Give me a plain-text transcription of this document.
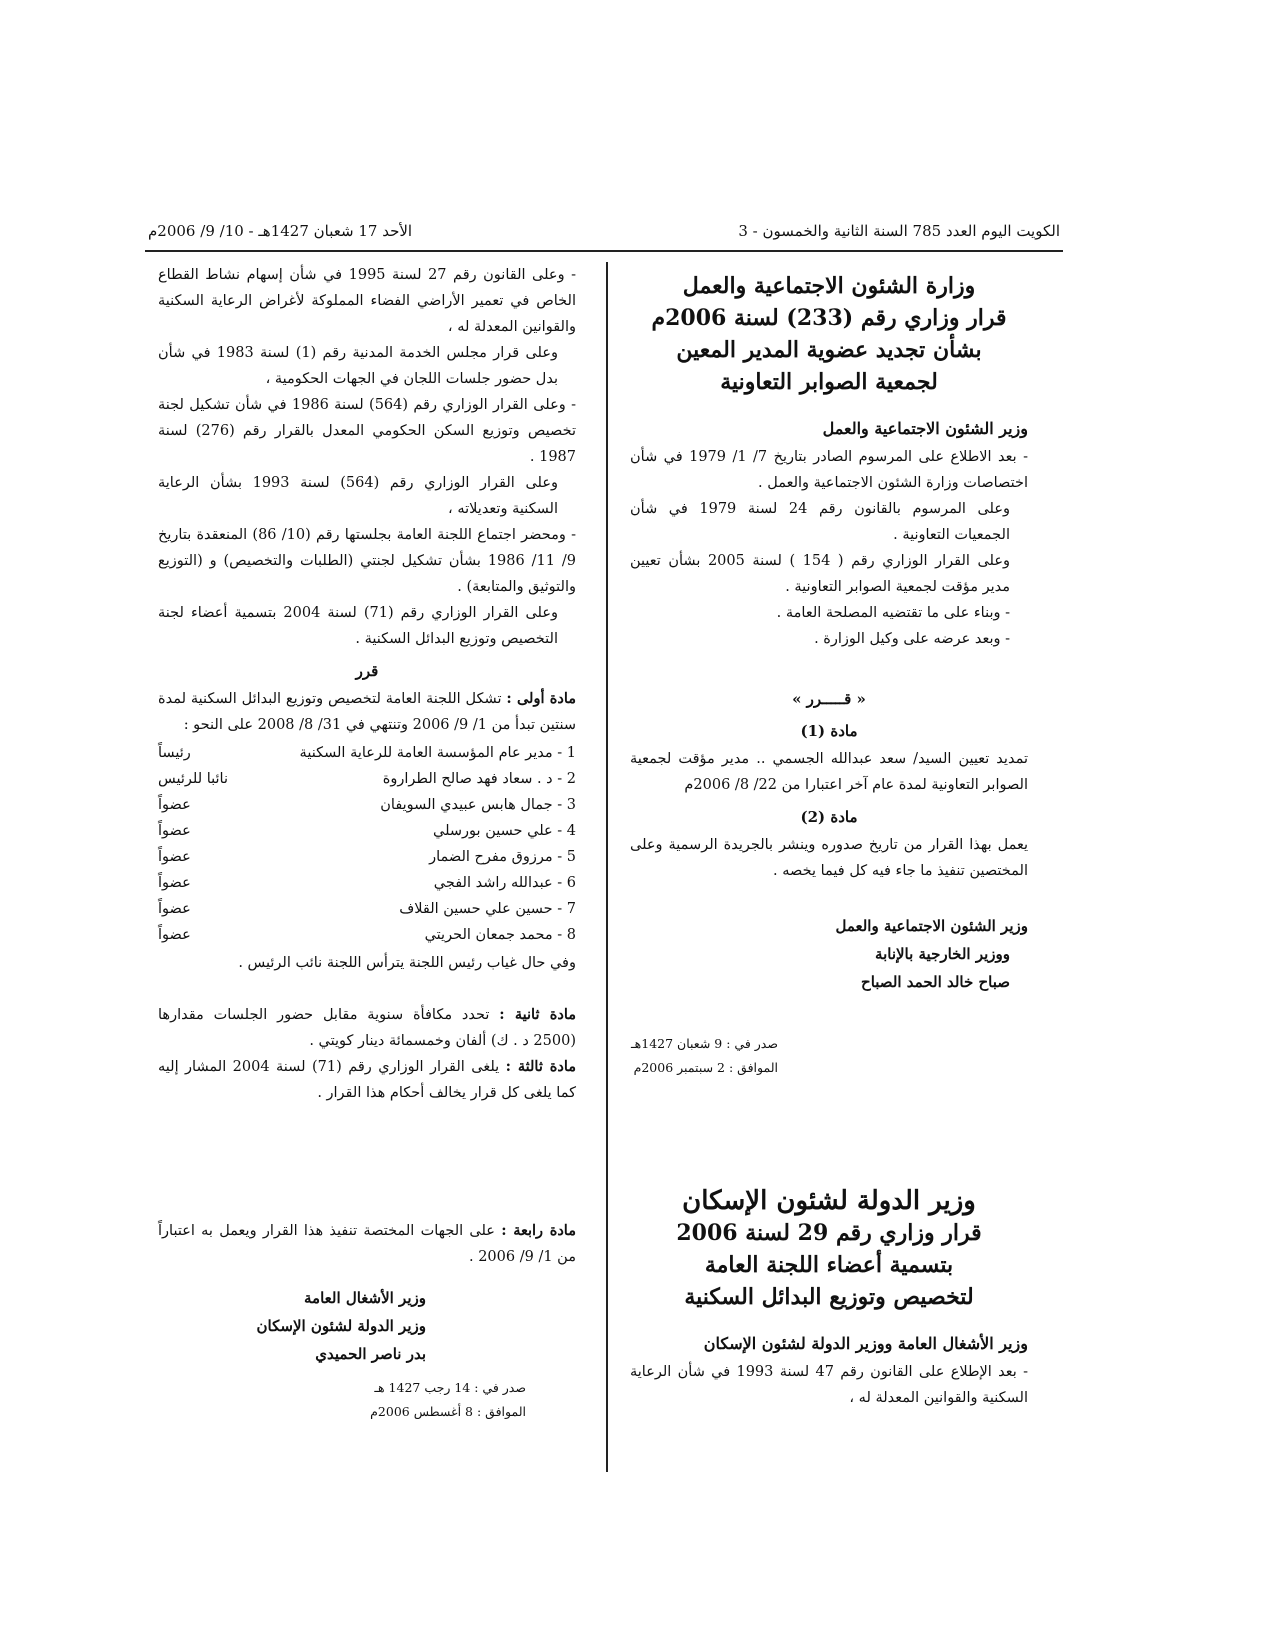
الكويت اليوم العدد 785 السنة الثانية والخمسون - 3
الأحد 17 شعبان 1427هـ - 10/ 9/ 2006م
وزارة الشئون الاجتماعية والعمل
قرار وزاري رقم (233) لسنة 2006م
بشأن تجديد عضوية المدير المعين
لجمعية الصوابر التعاونية
وزير الشئون الاجتماعية والعمل

- بعد الاطلاع على المرسوم الصادر بتاريخ 7/ 1/ 1979 في شأن اختصاصات وزارة الشئون الاجتماعية والعمل .

وعلى المرسوم بالقانون رقم 24 لسنة 1979 في شأن الجمعيات التعاونية .

وعلى القرار الوزاري رقم ( 154 ) لسنة 2005 بشأن تعيين مدير مؤقت لجمعية الصوابر التعاونية .

- وبناء على ما تقتضيه المصلحة العامة .

- وبعد عرضه على وكيل الوزارة .

« قـــــرر »
مادة (1)

تمديد تعيين السيد/ سعد عبدالله الجسمي .. مدير مؤقت لجمعية الصوابر التعاونية لمدة عام آخر اعتبارا من 22/ 8/ 2006م

مادة (2)

يعمل بهذا القرار من تاريخ صدوره وينشر بالجريدة الرسمية وعلى المختصين تنفيذ ما جاء فيه كل فيما يخصه .

وزير الشئون الاجتماعية والعمل
ووزير الخارجية بالإنابة
صباح خالد الحمد الصباح
صدر في : 9 شعبان 1427هـ
الموافق : 2 سبتمبر 2006م
وزير الدولة لشئون الإسكان
قرار وزاري رقم 29 لسنة 2006
بتسمية أعضاء اللجنة العامة
لتخصيص وتوزيع البدائل السكنية
وزير الأشغال العامة ووزير الدولة لشئون الإسكان

- بعد الإطلاع على القانون رقم 47 لسنة 1993 في شأن الرعاية السكنية والقوانين المعدلة له ،

- وعلى القانون رقم 27 لسنة 1995 في شأن إسهام نشاط القطاع الخاص في تعمير الأراضي الفضاء المملوكة لأغراض الرعاية السكنية والقوانين المعدلة له ،

وعلى قرار مجلس الخدمة المدنية رقم (1) لسنة 1983 في شأن بدل حضور جلسات اللجان في الجهات الحكومية ،

- وعلى القرار الوزاري رقم (564) لسنة 1986 في شأن تشكيل لجنة تخصيص وتوزيع السكن الحكومي المعدل بالقرار رقم (276) لسنة 1987 .

وعلى القرار الوزاري رقم (564) لسنة 1993 بشأن الرعاية السكنية وتعديلاته ،

- ومحضر اجتماع اللجنة العامة بجلستها رقم (10/ 86) المنعقدة بتاريخ 9/ 11/ 1986 بشأن تشكيل لجنتي (الطلبات والتخصيص) و (التوزيع والتوثيق والمتابعة) .

وعلى القرار الوزاري رقم (71) لسنة 2004 بتسمية أعضاء لجنة التخصيص وتوزيع البدائل السكنية .

قرر

مادة أولى : تشكل اللجنة العامة لتخصيص وتوزيع البدائل السكنية لمدة سنتين تبدأ من 1/ 9/ 2006 وتنتهي في 31/ 8/ 2008 على النحو :

1 - مدير عام المؤسسة العامة للرعاية السكنية
رئيساً
2 - د . سعاد فهد صالح الطراروة
نائبا للرئيس
3 - جمال هابس عبيدي السويفان
عضواً
4 - علي حسين بورسلي
عضواً
5 - مرزوق مفرح الضمار
عضواً
6 - عبدالله راشد الفجي
عضواً
7 - حسين علي حسين القلاف
عضواً
8 - محمد جمعان الحريتي
عضواً

وفي حال غياب رئيس اللجنة يترأس اللجنة نائب الرئيس .

مادة ثانية : تحدد مكافأة سنوية مقابل حضور الجلسات مقدارها (2500 د . ك) ألفان وخمسمائة دينار كويتي .

مادة ثالثة : يلغى القرار الوزاري رقم (71) لسنة 2004 المشار إليه كما يلغى كل قرار يخالف أحكام هذا القرار .

مادة رابعة : على الجهات المختصة تنفيذ هذا القرار ويعمل به اعتباراً من 1/ 9/ 2006 .

وزير الأشغال العامة
وزير الدولة لشئون الإسكان
بدر ناصر الحميدي
صدر في : 14 رجب 1427 هـ
الموافق : 8 أغسطس 2006م
